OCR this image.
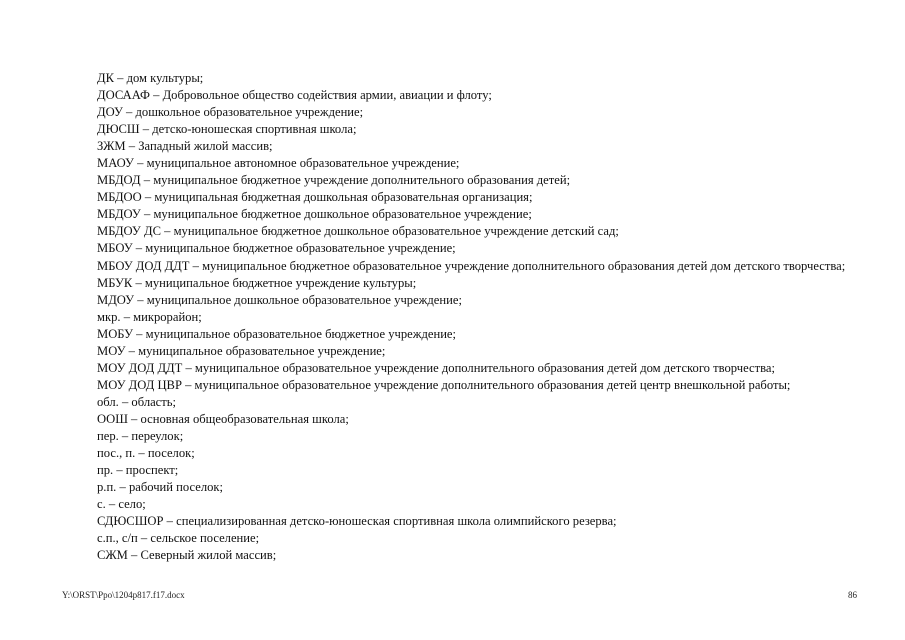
ДК – дом культуры;

ДОСААФ – Добровольное общество содействия армии, авиации и флоту;

ДОУ – дошкольное образовательное учреждение;

ДЮСШ – детско-юношеская спортивная школа;

ЗЖМ – Западный жилой массив;

МАОУ – муниципальное автономное образовательное учреждение;

МБДОД – муниципальное бюджетное учреждение дополнительного образования детей;

МБДОО – муниципальная бюджетная дошкольная образовательная организация;

МБДОУ – муниципальное бюджетное дошкольное образовательное учреждение;

МБДОУ ДС – муниципальное бюджетное дошкольное образовательное учреждение детский сад;

МБОУ – муниципальное бюджетное образовательное учреждение;

МБОУ ДОД ДДТ – муниципальное бюджетное образовательное учреждение дополнительного образования детей дом детского творчества;

МБУК – муниципальное бюджетное учреждение культуры;

МДОУ – муниципальное дошкольное образовательное учреждение;

мкр. – микрорайон;

МОБУ – муниципальное образовательное бюджетное учреждение;

МОУ – муниципальное образовательное учреждение;

МОУ ДОД ДДТ – муниципальное образовательное учреждение дополнительного образования детей дом детского творчества;

МОУ ДОД ЦВР – муниципальное образовательное учреждение дополнительного образования детей центр внешкольной работы;

обл. – область;

ООШ – основная общеобразовательная школа;

пер. – переулок;

пос., п. – поселок;

пр. – проспект;

р.п. – рабочий поселок;

с. – село;

СДЮСШОР – специализированная детско-юношеская спортивная школа олимпийского резерва;

с.п., с/п – сельское поселение;

СЖМ – Северный жилой массив;

Y:\ORST\Ppo\1204p817.f17.docx	86
